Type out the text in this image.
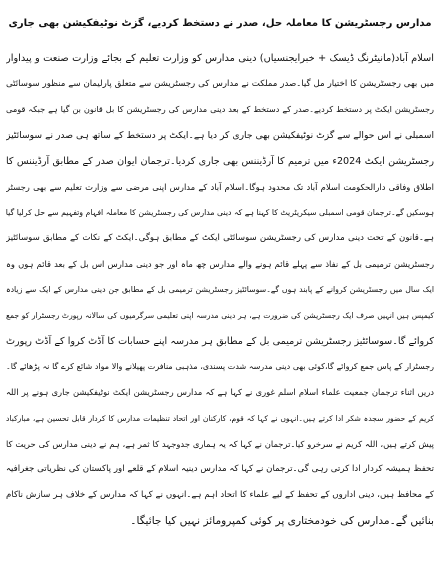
مدارس رجسٹریشن کا معاملہ حل، صدر نے دستخط کردیے، گزٹ نوٹیفکیشن بھی جاری
اسلام آباد(مانیٹرنگ ڈیسک + خبرایجنسیاں) دینی مدارس کو وزارت تعلیم کے بجائے وزارت صنعت و پیداوار
میں بھی رجسٹریشن کا اختیار مل گیا۔صدر مملکت نے مدارس کی رجسٹریشن سے متعلق پارلیمان سے منظور سوسائٹی
رجسٹریشن ایکٹ پر دستخط کردیے۔صدر کے دستخط کے بعد دینی مدارس کی رجسٹریشن کا بل قانون بن گیا ہے جبکہ قومی
اسمبلی نے اس حوالے سے گزٹ نوٹیفکیشن بھی جاری کر دیا ہے۔ایکٹ پر دستخط کے ساتھ ہی صدر نے سوسائٹیز
رجسٹریشن ایکٹ 2024ء میں ترمیم کا آرڈیننس بھی جاری کردیا۔ترجمان ایوان صدر کے مطابق آرڈیننس کا
اطلاق وفاقی دارالحکومت اسلام آباد تک محدود ہوگا۔اسلام آباد کے مدارس اپنی مرضی سے وزارت تعلیم سے بھی رجسٹر
ہوسکیں گے۔ترجمان قومی اسمبلی سیکریٹریٹ کا کہنا ہے کہ دینی مدارس کی رجسٹریشن کا معاملہ افہام وتفہیم سے حل کرلیا گیا
ہے۔قانون کے تحت دینی مدارس کی رجسٹریشن سوسائٹی ایکٹ کے مطابق ہوگی۔ایکٹ کے نکات کے مطابق سوسائٹیز
رجسٹریشن ترمیمی بل کے نفاذ سے پہلے قائم ہونے والے مدارس چھ ماہ اور جو دینی مدارس اس بل کے بعد قائم ہوں وہ
ایک سال میں رجسٹریشن کروانے کے پابند ہوں گے۔سوسائٹیز رجسٹریشن ترمیمی بل کے مطابق جن دینی مدارس کے ایک سے زیادہ
کیمپس ہیں انہیں صرف ایک رجسٹریشن کی ضرورت ہے، ہر دینی مدرسہ اپنی تعلیمی سرگرمیوں کی سالانہ رپورٹ رجسٹرار کو جمع
کروائے گا۔سوسائٹیز رجسٹریشن ترمیمی بل کے مطابق ہر مدرسہ اپنے حسابات کا آڈٹ کروا کے آڈٹ رپورٹ
رجسٹرار کے پاس جمع کروائے گا،کوئی بھی دینی مدرسہ شدت پسندی، مذہبی منافرت پھیلانے والا مواد شائع کرے گا نہ پڑھائے گا۔
دریں اثناء ترجمان جمعیت علماء اسلام اسلم غوری نے کہا ہے کہ مدارس رجسٹریشن ایکٹ نوٹیفکیشن جاری ہونے پر اللہ
کریم کے حضور سجدہ شکر ادا کرتے ہیں۔انہوں نے کہا کہ قوم، کارکنان اور اتحاد تنظیمات مدارس کا کردار قابل تحسین ہے، مبارکباد
پیش کرتے ہیں، اللہ کریم نے سرخرو کیا۔ترجمان نے کہا کہ یہ ہماری جدوجہد کا ثمر ہے، ہم نے دینی مدارس کی حریت کا
تحفظ ہمیشہ کردار ادا کرتی رہی گی۔ترجمان نے کہا کہ مدارس دینیہ اسلام کے قلعے اور پاکستان کی نظریاتی جغرافیہ
کے محافظ ہیں، دینی اداروں کے تحفظ کے لیے علماء کا اتحاد اہم ہے۔انہوں نے کہا کہ مدارس کے خلاف ہر سازش ناکام
بنائیں گے۔مدارس کی خودمختاری پر کوئی کمپرومائز نہیں کیا جائیگا۔
